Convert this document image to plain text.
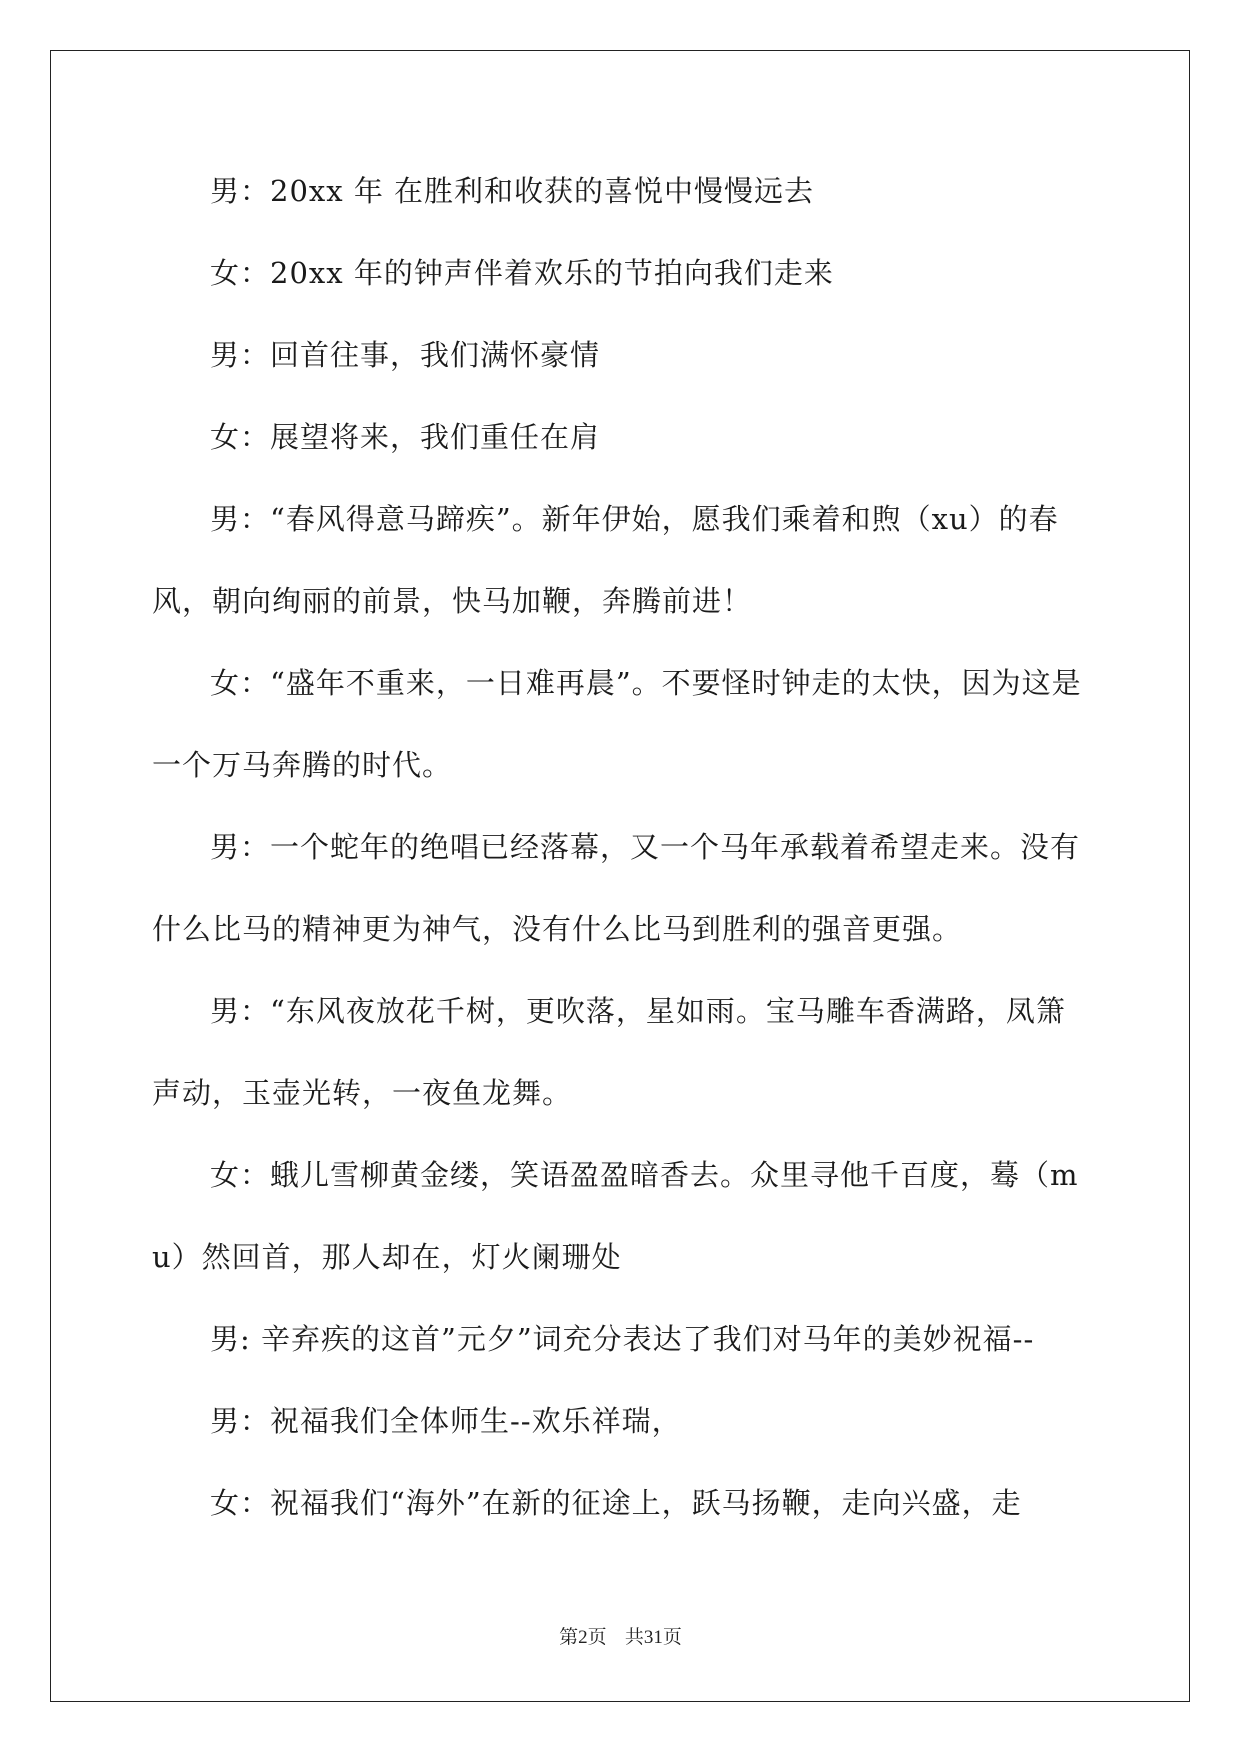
男：20xx 年 在胜利和收获的喜悦中慢慢远去

女：20xx 年的钟声伴着欢乐的节拍向我们走来

男：回首往事，我们满怀豪情

女：展望将来，我们重任在肩

男：“春风得意马蹄疾”。新年伊始，愿我们乘着和煦（xu）的春风，朝向绚丽的前景，快马加鞭，奔腾前进！

女：“盛年不重来，一日难再晨”。不要怪时钟走的太快，因为这是一个万马奔腾的时代。

男：一个蛇年的绝唱已经落幕，又一个马年承载着希望走来。没有什么比马的精神更为神气，没有什么比马到胜利的强音更强。

男：“东风夜放花千树，更吹落，星如雨。宝马雕车香满路，凤箫声动，玉壶光转，一夜鱼龙舞。

女：蛾儿雪柳黄金缕，笑语盈盈暗香去。众里寻他千百度，蓦（mu）然回首，那人却在，灯火阑珊处

男: 辛弃疾的这首”元夕”词充分表达了我们对马年的美妙祝福--

男：祝福我们全体师生--欢乐祥瑞，

女：祝福我们“海外”在新的征途上，跃马扬鞭，走向兴盛，走

第2页 共31页
